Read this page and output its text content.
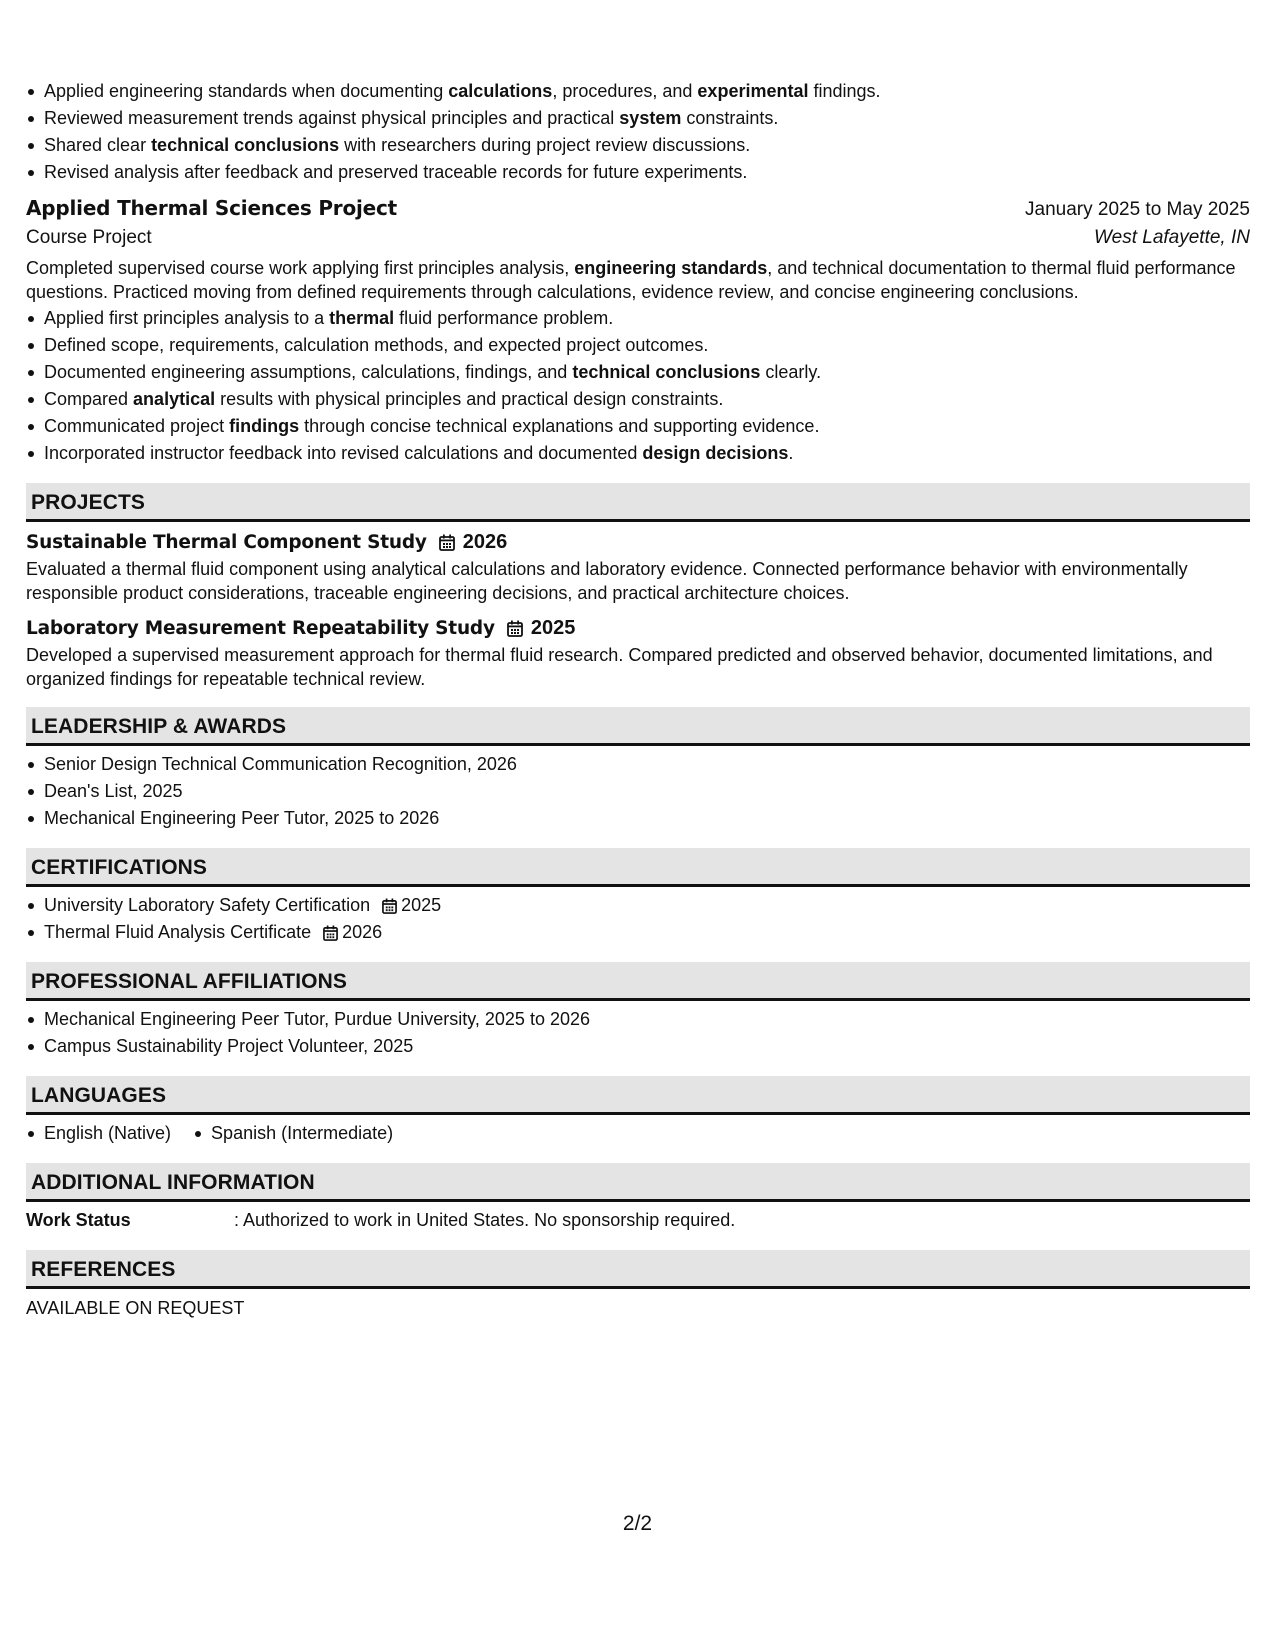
Applied engineering standards when documenting calculations, procedures, and experimental findings.
Reviewed measurement trends against physical principles and practical system constraints.
Shared clear technical conclusions with researchers during project review discussions.
Revised analysis after feedback and preserved traceable records for future experiments.
Applied Thermal Sciences Project	January 2025 to May 2025
Course Project	West Lafayette, IN
Completed supervised course work applying first principles analysis, engineering standards, and technical documentation to thermal fluid performance questions. Practiced moving from defined requirements through calculations, evidence review, and concise engineering conclusions.
Applied first principles analysis to a thermal fluid performance problem.
Defined scope, requirements, calculation methods, and expected project outcomes.
Documented engineering assumptions, calculations, findings, and technical conclusions clearly.
Compared analytical results with physical principles and practical design constraints.
Communicated project findings through concise technical explanations and supporting evidence.
Incorporated instructor feedback into revised calculations and documented design decisions.
PROJECTS
Sustainable Thermal Component Study 2026
Evaluated a thermal fluid component using analytical calculations and laboratory evidence. Connected performance behavior with environmentally responsible product considerations, traceable engineering decisions, and practical architecture choices.
Laboratory Measurement Repeatability Study 2025
Developed a supervised measurement approach for thermal fluid research. Compared predicted and observed behavior, documented limitations, and organized findings for repeatable technical review.
LEADERSHIP & AWARDS
Senior Design Technical Communication Recognition, 2026
Dean's List, 2025
Mechanical Engineering Peer Tutor, 2025 to 2026
CERTIFICATIONS
University Laboratory Safety Certification 2025
Thermal Fluid Analysis Certificate 2026
PROFESSIONAL AFFILIATIONS
Mechanical Engineering Peer Tutor, Purdue University, 2025 to 2026
Campus Sustainability Project Volunteer, 2025
LANGUAGES
English (Native)	Spanish (Intermediate)
ADDITIONAL INFORMATION
Work Status	: Authorized to work in United States. No sponsorship required.
REFERENCES
AVAILABLE ON REQUEST
2/2
